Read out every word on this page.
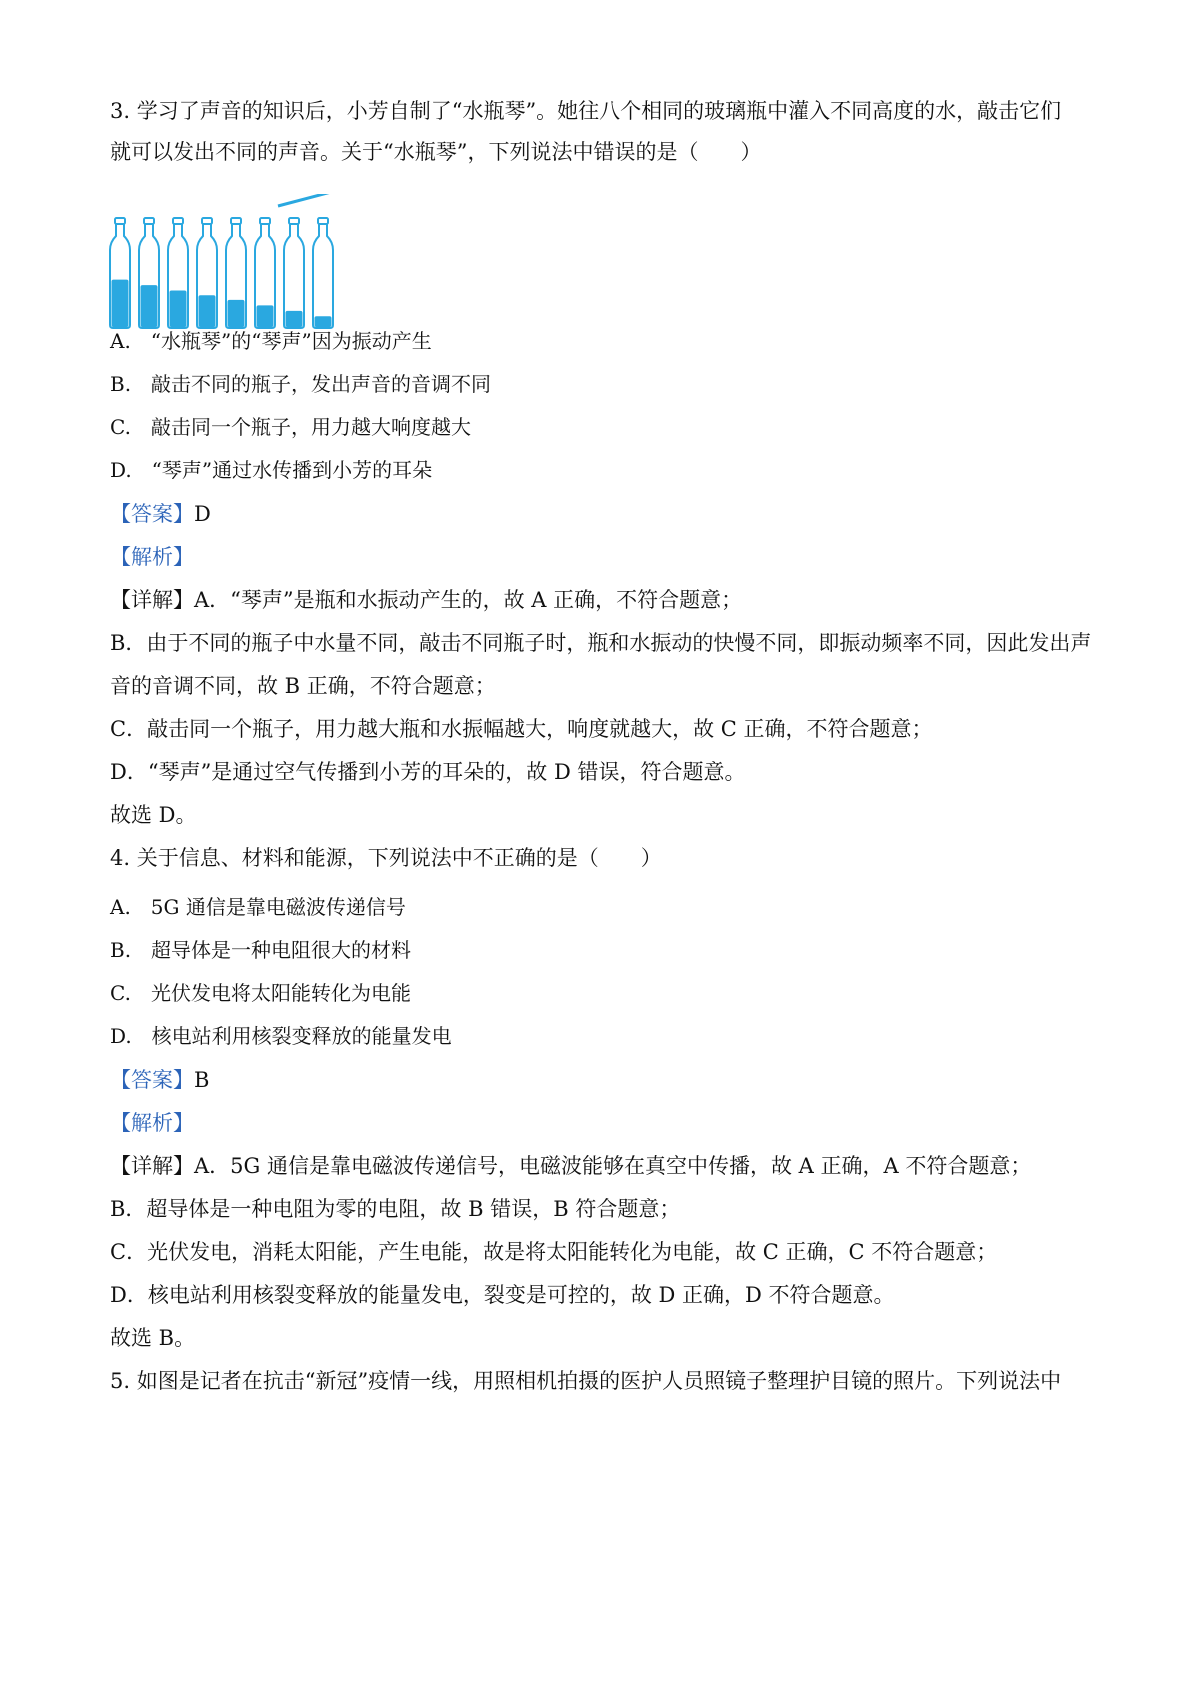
3. 学习了声音的知识后，小芳自制了“水瓶琴”。她往八个相同的玻璃瓶中灌入不同高度的水，敲击它们
就可以发出不同的声音。关于“水瓶琴”，下列说法中错误的是（　　）
A.　“水瓶琴”的“琴声”因为振动产生
B.　敲击不同的瓶子，发出声音的音调不同
C.　敲击同一个瓶子，用力越大响度越大
D.　“琴声”通过水传播到小芳的耳朵
【答案】D
【解析】
【详解】A．“琴声”是瓶和水振动产生的，故 A 正确，不符合题意；
B．由于不同的瓶子中水量不同，敲击不同瓶子时，瓶和水振动的快慢不同，即振动频率不同，因此发出声
音的音调不同，故 B 正确，不符合题意；
C．敲击同一个瓶子，用力越大瓶和水振幅越大，响度就越大，故 C 正确，不符合题意；
D．“琴声”是通过空气传播到小芳的耳朵的，故 D 错误，符合题意。
故选 D。
4. 关于信息、材料和能源，下列说法中不正确的是（　　）
A.　5G 通信是靠电磁波传递信号
B.　超导体是一种电阻很大的材料
C.　光伏发电将太阳能转化为电能
D.　核电站利用核裂变释放的能量发电
【答案】B
【解析】
【详解】A．5G 通信是靠电磁波传递信号，电磁波能够在真空中传播，故 A 正确，A 不符合题意；
B．超导体是一种电阻为零的电阻，故 B 错误，B 符合题意；
C．光伏发电，消耗太阳能，产生电能，故是将太阳能转化为电能，故 C 正确，C 不符合题意；
D．核电站利用核裂变释放的能量发电，裂变是可控的，故 D 正确，D 不符合题意。
故选 B。
5. 如图是记者在抗击“新冠”疫情一线，用照相机拍摄的医护人员照镜子整理护目镜的照片。下列说法中
